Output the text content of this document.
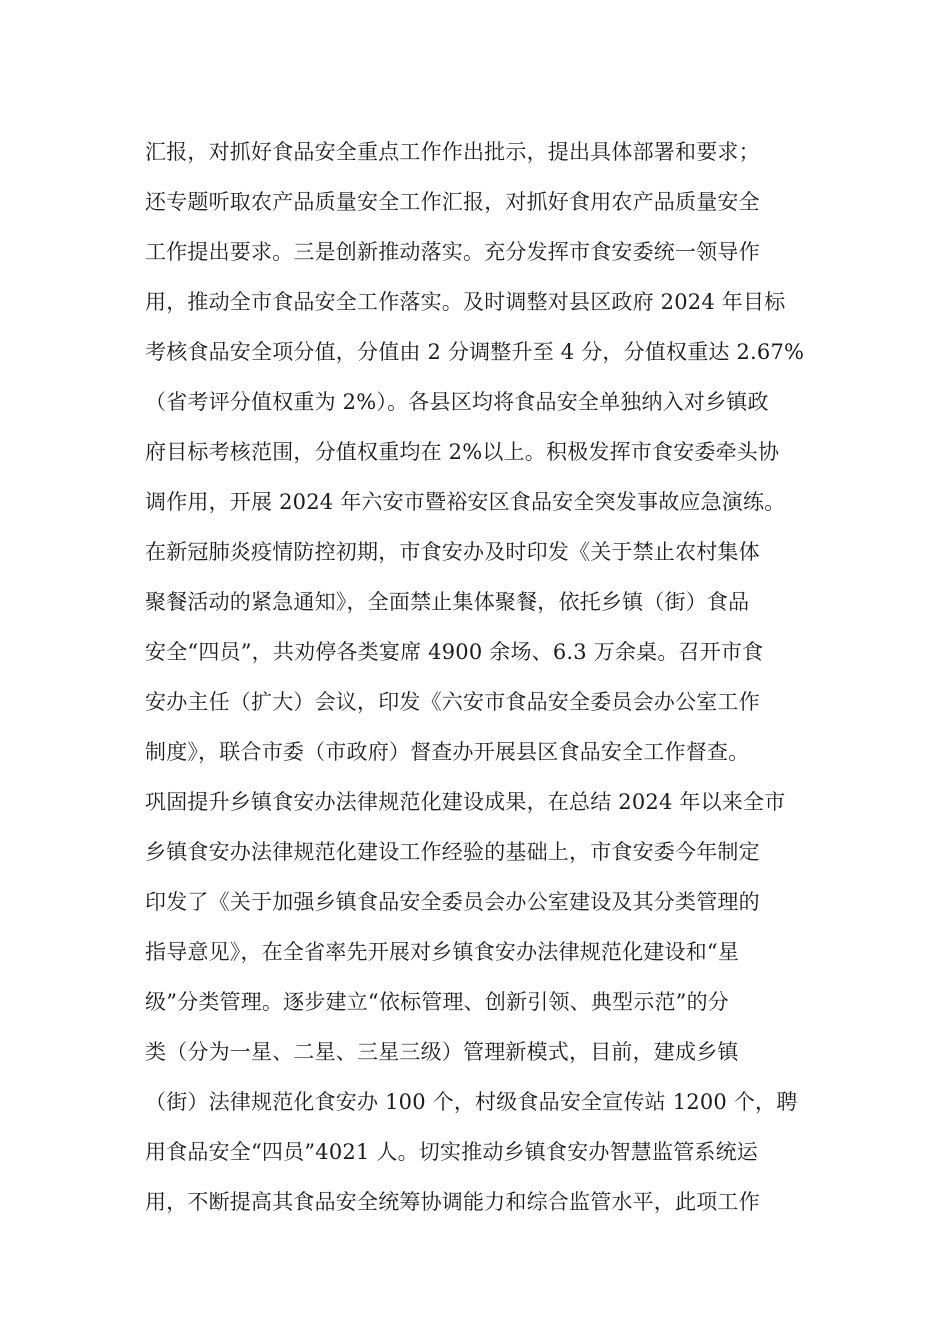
汇报，对抓好食品安全重点工作作出批示，提出具体部署和要求；
还专题听取农产品质量安全工作汇报，对抓好食用农产品质量安全
工作提出要求。三是创新推动落实。充分发挥市食安委统一领导作
用，推动全市食品安全工作落实。及时调整对县区政府 2024 年目标
考核食品安全项分值，分值由 2 分调整升至 4 分，分值权重达 2.67%
（省考评分值权重为 2%）。各县区均将食品安全单独纳入对乡镇政
府目标考核范围，分值权重均在 2%以上。积极发挥市食安委牵头协
调作用，开展 2024 年六安市暨裕安区食品安全突发事故应急演练。
在新冠肺炎疫情防控初期，市食安办及时印发《关于禁止农村集体
聚餐活动的紧急通知》，全面禁止集体聚餐，依托乡镇（街）食品
安全“四员”，共劝停各类宴席 4900 余场、6.3 万余桌。召开市食
安办主任（扩大）会议，印发《六安市食品安全委员会办公室工作
制度》，联合市委（市政府）督查办开展县区食品安全工作督查。
巩固提升乡镇食安办法律规范化建设成果，在总结 2024 年以来全市
乡镇食安办法律规范化建设工作经验的基础上，市食安委今年制定
印发了《关于加强乡镇食品安全委员会办公室建设及其分类管理的
指导意见》，在全省率先开展对乡镇食安办法律规范化建设和“星
级”分类管理。逐步建立“依标管理、创新引领、典型示范”的分
类（分为一星、二星、三星三级）管理新模式，目前，建成乡镇
（街）法律规范化食安办 100 个，村级食品安全宣传站 1200 个，聘
用食品安全“四员”4021 人。切实推动乡镇食安办智慧监管系统运
用，不断提高其食品安全统筹协调能力和综合监管水平，此项工作
